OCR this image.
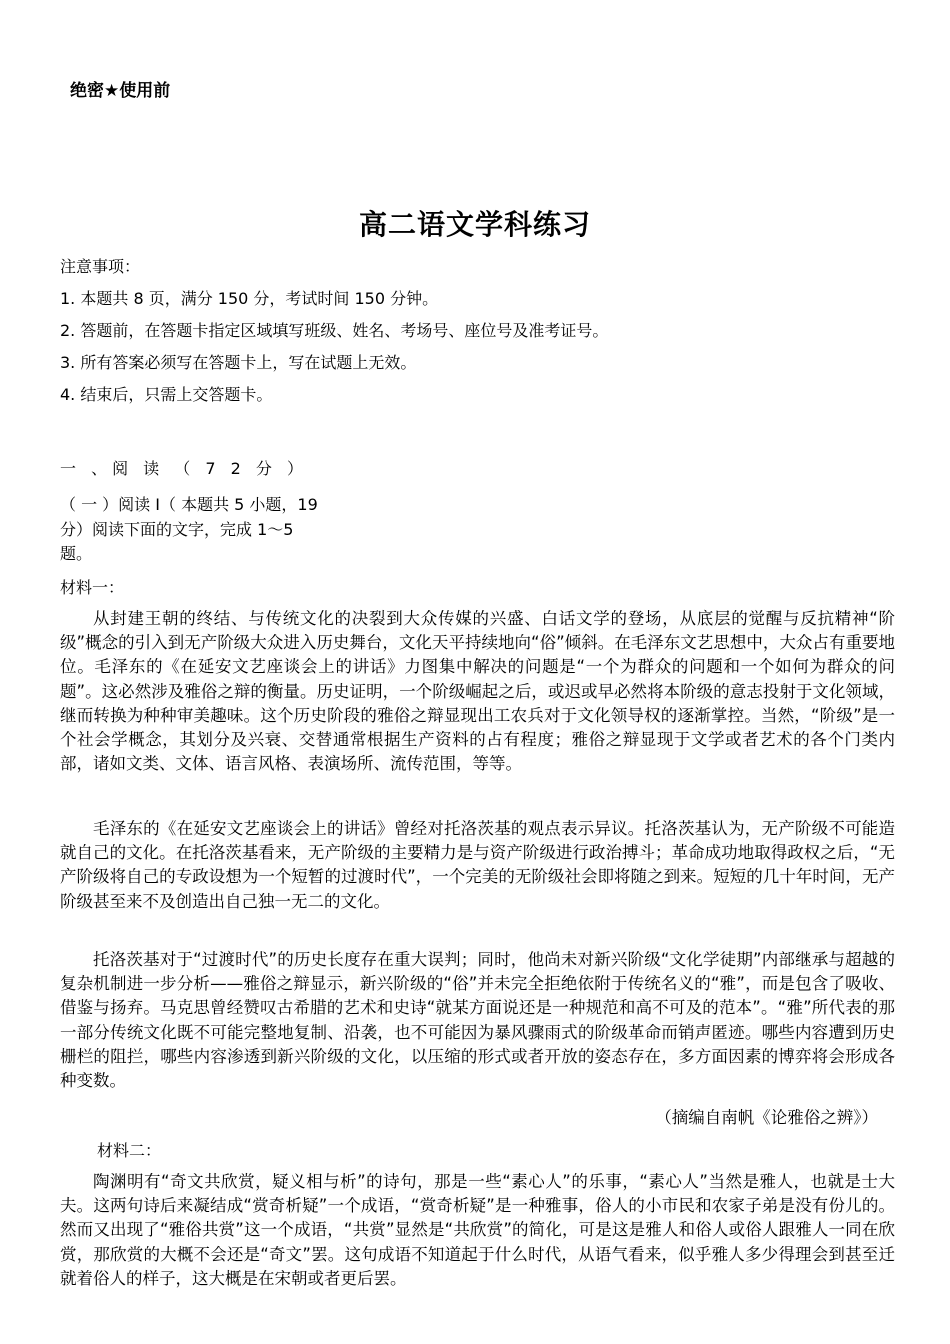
绝密★使用前
高二语文学科练习
注意事项：
1. 本题共 8 页，满分 150 分，考试时间 150 分钟。
2. 答题前，在答题卡指定区域填写班级、姓名、考场号、座位号及准考证号。
3. 所有答案必须写在答题卡上，写在试题上无效。
4. 结束后，只需上交答题卡。
一 、阅 读 （ 7 2 分 ）
（ 一 ）阅读 I（ 本题共 5 小题，19
分）阅读下面的文字，完成 1～5
题。
材料一：
从封建王朝的终结、与传统文化的决裂到大众传媒的兴盛、白话文学的登场，从底层的觉醒与反抗精神“阶级”概念的引入到无产阶级大众进入历史舞台，文化天平持续地向“俗”倾斜。在毛泽东文艺思想中，大众占有重要地位。毛泽东的《在延安文艺座谈会上的讲话》力图集中解决的问题是“一个为群众的问题和一个如何为群众的问题”。这必然涉及雅俗之辩的衡量。历史证明，一个阶级崛起之后，或迟或早必然将本阶级的意志投射于文化领域，继而转换为种种审美趣味。这个历史阶段的雅俗之辩显现出工农兵对于文化领导权的逐渐掌控。当然，“阶级”是一个社会学概念，其划分及兴衰、交替通常根据生产资料的占有程度；雅俗之辩显现于文学或者艺术的各个门类内部，诸如文类、文体、语言风格、表演场所、流传范围，等等。
毛泽东的《在延安文艺座谈会上的讲话》曾经对托洛茨基的观点表示异议。托洛茨基认为，无产阶级不可能造就自己的文化。在托洛茨基看来，无产阶级的主要精力是与资产阶级进行政治搏斗；革命成功地取得政权之后，“无产阶级将自己的专政设想为一个短暂的过渡时代”，一个完美的无阶级社会即将随之到来。短短的几十年时间，无产阶级甚至来不及创造出自己独一无二的文化。
托洛茨基对于“过渡时代”的历史长度存在重大误判；同时，他尚未对新兴阶级“文化学徒期”内部继承与超越的复杂机制进一步分析——雅俗之辩显示，新兴阶级的“俗”并未完全拒绝依附于传统名义的“雅”，而是包含了吸收、借鉴与扬弃。马克思曾经赞叹古希腊的艺术和史诗“就某方面说还是一种规范和高不可及的范本”。“雅”所代表的那一部分传统文化既不可能完整地复制、沿袭，也不可能因为暴风骤雨式的阶级革命而销声匿迹。哪些内容遭到历史栅栏的阻拦，哪些内容渗透到新兴阶级的文化，以压缩的形式或者开放的姿态存在，多方面因素的博弈将会形成各种变数。
（摘编自南帆《论雅俗之辨》）
材料二：
陶渊明有“奇文共欣赏，疑义相与析”的诗句，那是一些“素心人”的乐事，“素心人”当然是雅人，也就是士大夫。这两句诗后来凝结成“赏奇析疑”一个成语，“赏奇析疑”是一种雅事，俗人的小市民和农家子弟是没有份儿的。然而又出现了“雅俗共赏”这一个成语，“共赏”显然是“共欣赏”的简化，可是这是雅人和俗人或俗人跟雅人一同在欣赏，那欣赏的大概不会还是“奇文”罢。这句成语不知道起于什么时代，从语气看来，似乎雅人多少得理会到甚至迁就着俗人的样子，这大概是在宋朝或者更后罢。
